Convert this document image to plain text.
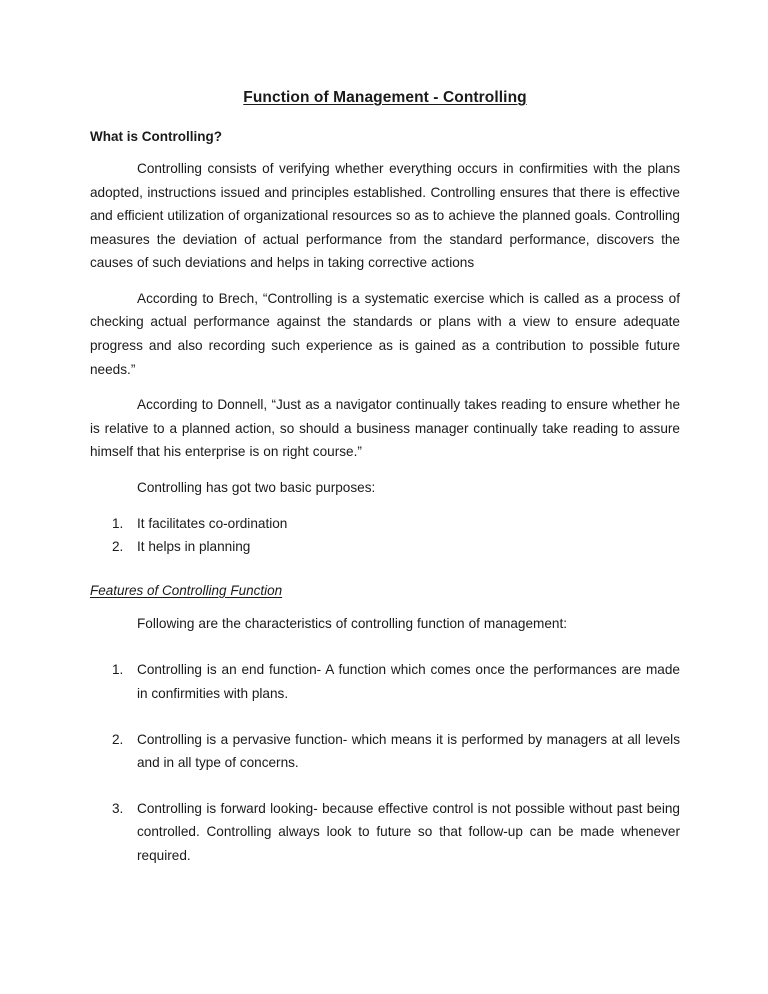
Function of Management - Controlling
What is Controlling?

Controlling consists of verifying whether everything occurs in confirmities with the plans adopted, instructions issued and principles established. Controlling ensures that there is effective and efficient utilization of organizational resources so as to achieve the planned goals. Controlling measures the deviation of actual performance from the standard performance, discovers the causes of such deviations and helps in taking corrective actions

According to Brech, “Controlling is a systematic exercise which is called as a process of checking actual performance against the standards or plans with a view to ensure adequate progress and also recording such experience as is gained as a contribution to possible future needs.”

According to Donnell, “Just as a navigator continually takes reading to ensure whether he is relative to a planned action, so should a business manager continually take reading to assure himself that his enterprise is on right course.”

Controlling has got two basic purposes:

1.	It facilitates co-ordination
2.	It helps in planning
Features of Controlling Function

Following are the characteristics of controlling function of management:

1.	Controlling is an end function- A function which comes once the performances are made in confirmities with plans.
2.	Controlling is a pervasive function- which means it is performed by managers at all levels and in all type of concerns.
3.	Controlling is forward looking- because effective control is not possible without past being controlled. Controlling always look to future so that follow-up can be made whenever required.
